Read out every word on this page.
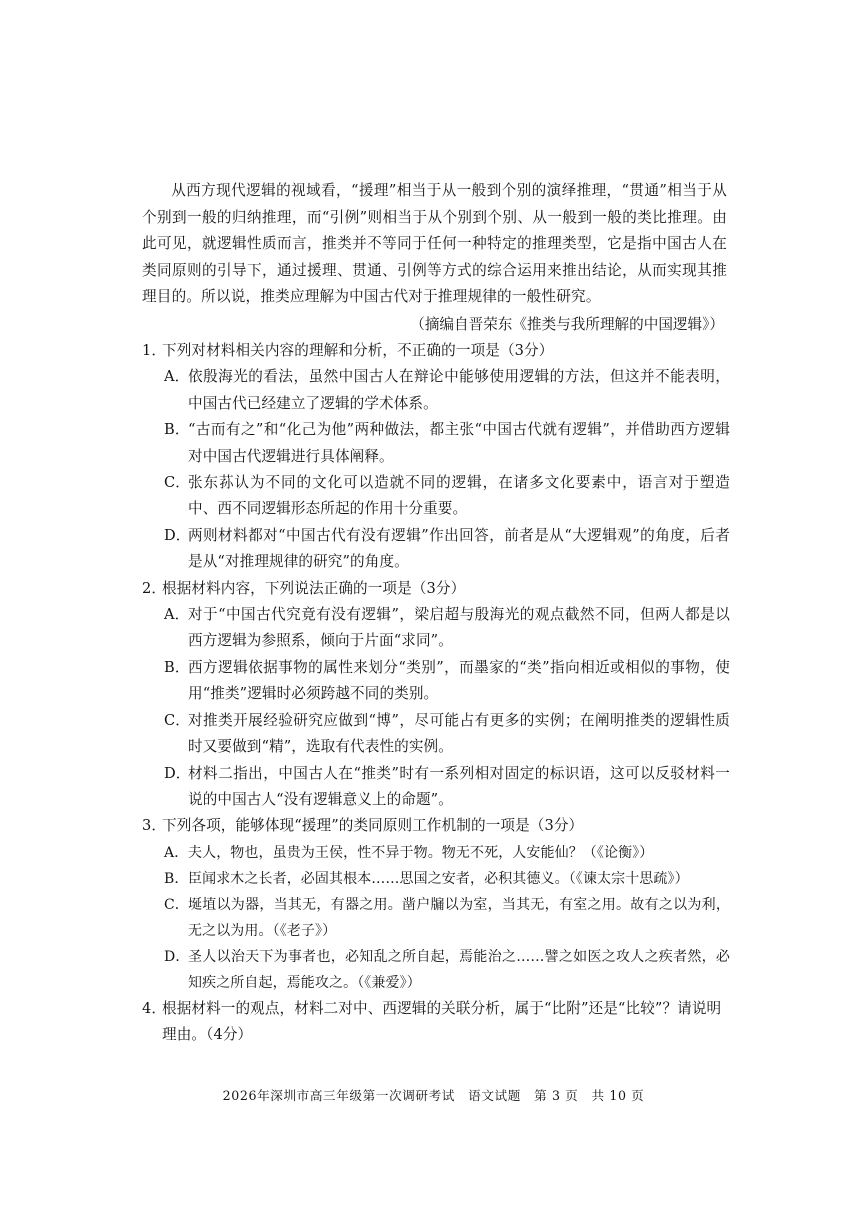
从西方现代逻辑的视域看，“援理”相当于从一般到个别的演绎推理，“贯通”相当于从个别到一般的归纳推理，而“引例”则相当于从个别到个别、从一般到一般的类比推理。由此可见，就逻辑性质而言，推类并不等同于任何一种特定的推理类型，它是指中国古人在类同原则的引导下，通过援理、贯通、引例等方式的综合运用来推出结论，从而实现其推理目的。所以说，推类应理解为中国古代对于推理规律的一般性研究。

（摘编自晋荣东《推类与我所理解的中国逻辑》）
1．

下列对材料相关内容的理解和分析，不正确的一项是（3分）

A．
依殷海光的看法，虽然中国古人在辩论中能够使用逻辑的方法，但这并不能表明，中国古代已经建立了逻辑的学术体系。
B．
“古而有之”和“化己为他”两种做法，都主张“中国古代就有逻辑”，并借助西方逻辑对中国古代逻辑进行具体阐释。
C．
张东荪认为不同的文化可以造就不同的逻辑，在诸多文化要素中，语言对于塑造中、西不同逻辑形态所起的作用十分重要。
D．
两则材料都对“中国古代有没有逻辑”作出回答，前者是从“大逻辑观”的角度，后者是从“对推理规律的研究”的角度。
2．

根据材料内容，下列说法正确的一项是（3分）

A．
对于“中国古代究竟有没有逻辑”，梁启超与殷海光的观点截然不同，但两人都是以西方逻辑为参照系，倾向于片面“求同”。
B．
西方逻辑依据事物的属性来划分“类别”，而墨家的“类”指向相近或相似的事物，使用“推类”逻辑时必须跨越不同的类别。
C．
对推类开展经验研究应做到“博”，尽可能占有更多的实例；在阐明推类的逻辑性质时又要做到“精”，选取有代表性的实例。
D．
材料二指出，中国古人在“推类”时有一系列相对固定的标识语，这可以反驳材料一说的中国古人“没有逻辑意义上的命题”。
3．

下列各项，能够体现“援理”的类同原则工作机制的一项是（3分）

A． 夫人，物也，虽贵为王侯，性不异于物。物无不死，人安能仙？（《论衡》）
B． 臣闻求木之长者，必固其根本……思国之安者，必积其德义。（《谏太宗十思疏》）
C． 埏埴以为器，当其无，有器之用。凿户牖以为室，当其无，有室之用。故有之以为利，无之以为用。（《老子》）
D．
圣人以治天下为事者也，必知乱之所自起，焉能治之……譬之如医之攻人之疾者然，必知疾之所自起，焉能攻之。（《兼爱》）
4．

根据材料一的观点，材料二对中、西逻辑的关联分析，属于“比附”还是“比较”？请说明理由。（4分）

2026年深圳市高三年级第一次调研考试　语文试题　第 3 页　共 10 页
